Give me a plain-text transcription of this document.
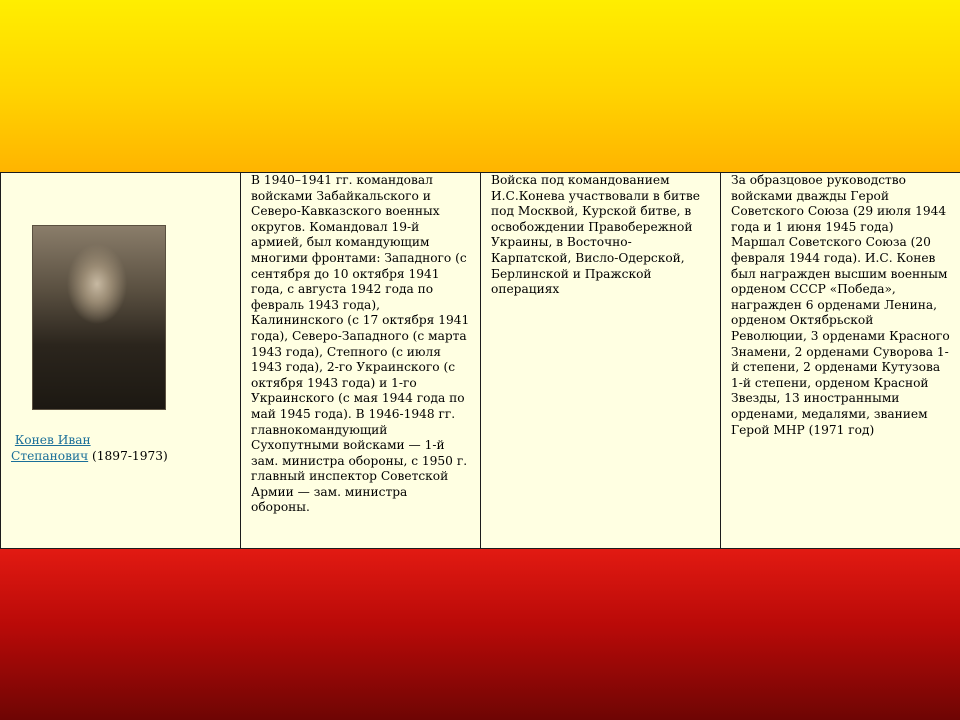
Конев Иван
Степанович (1897-1973)
	В 1940–1941 гг. командовал войсками Забайкальского и Северо-Кавказского военных округов. Командовал 19-й армией, был командующим многими фронтами: Западного (с сентября до 10 октября 1941 года, с августа 1942 года по февраль 1943 года), Калининского (с 17 октября 1941 года), Северо-Западного (с марта 1943 года), Степного (с июля 1943 года), 2-го Украинского (с октября 1943 года) и 1-го Украинского (с мая 1944 года по май 1945 года). В 1946-1948 гг. главнокомандующий Сухопутными войсками — 1-й зам. министра обороны, с 1950 г. главный инспектор Советской Армии — зам. министра обороны.	Войска под командованием И.С.Конева участвовали в битве под Москвой, Курской битве, в освобождении Правобережной Украины, в Восточно-Карпатской, Висло-Одерской, Берлинской и Пражской операциях	За образцовое руководство войсками дважды Герой Советского Союза (29 июля 1944 года и 1 июня 1945 года) Маршал Советского Союза (20 февраля 1944 года). И.С. Конев был награжден высшим военным орденом СССР «Победа», награжден 6 орденами Ленина, орденом Октябрьской Революции, 3 орденами Красного Знамени, 2 орденами Суворова 1-й степени, 2 орденами Кутузова 1-й степени, орденом Красной Звезды, 13 иностранными орденами, медалями, званием Герой МНР (1971 год)
